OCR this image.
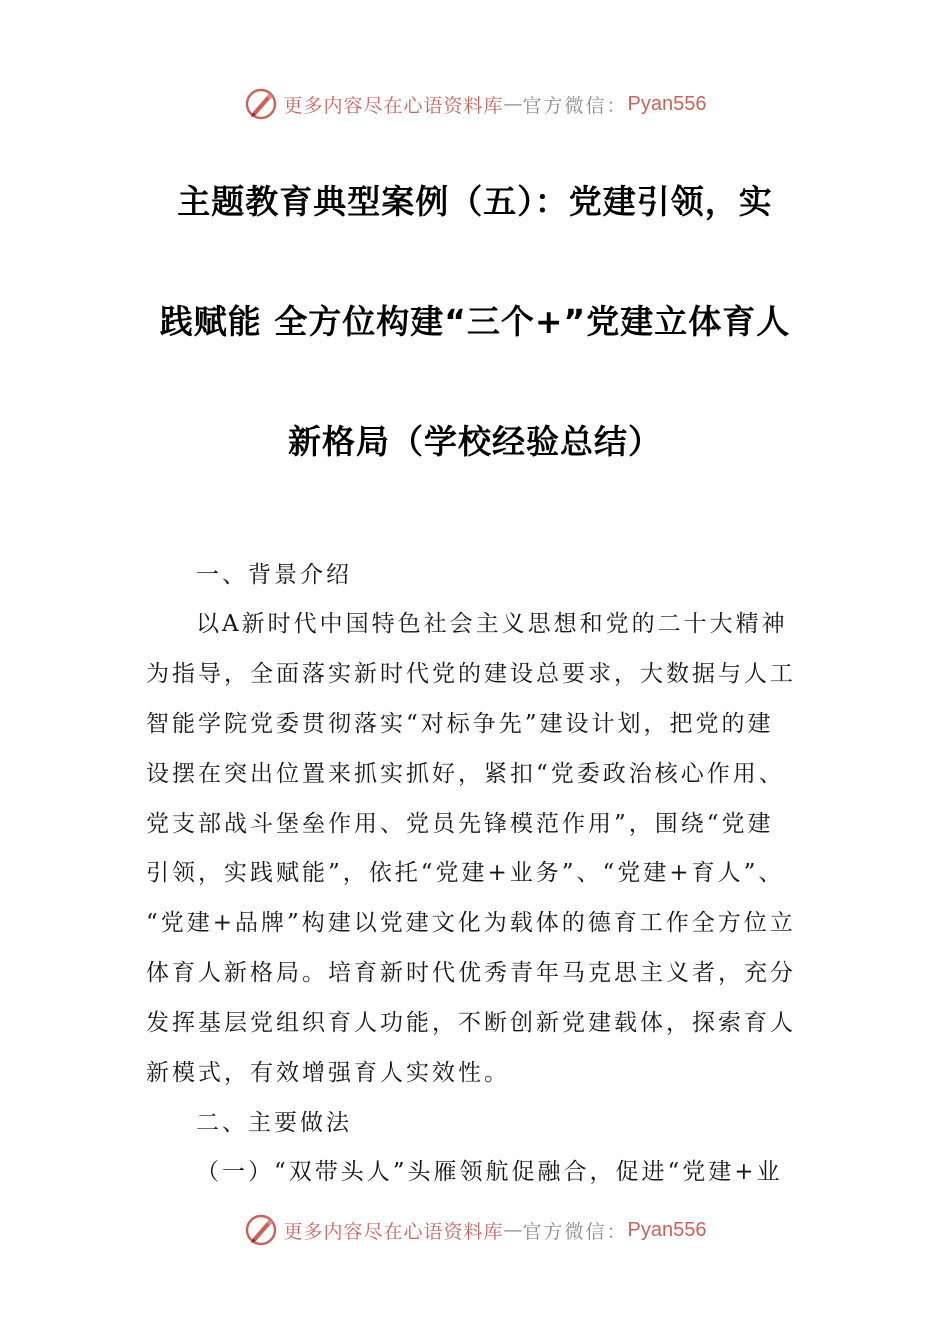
更多内容尽在心语资料库 — 官方微信： Pyan556
主题教育典型案例（五）：党建引领，实
践赋能 全方位构建“三个+”党建立体育人
新格局（学校经验总结）
一、背景介绍
以A新时代中国特色社会主义思想和党的二十大精神
为指导，全面落实新时代党的建设总要求，大数据与人工
智能学院党委贯彻落实“对标争先”建设计划，把党的建
设摆在突出位置来抓实抓好，紧扣“党委政治核心作用、
党支部战斗堡垒作用、党员先锋模范作用”，围绕“党建
引领，实践赋能”，依托“党建+业务”、“党建+育人”、
“党建+品牌”构建以党建文化为载体的德育工作全方位立
体育人新格局。培育新时代优秀青年马克思主义者，充分
发挥基层党组织育人功能，不断创新党建载体，探索育人
新模式，有效增强育人实效性。
二、主要做法
（一）“双带头人”头雁领航促融合，促进“党建+业
更多内容尽在心语资料库 — 官方微信： Pyan556
